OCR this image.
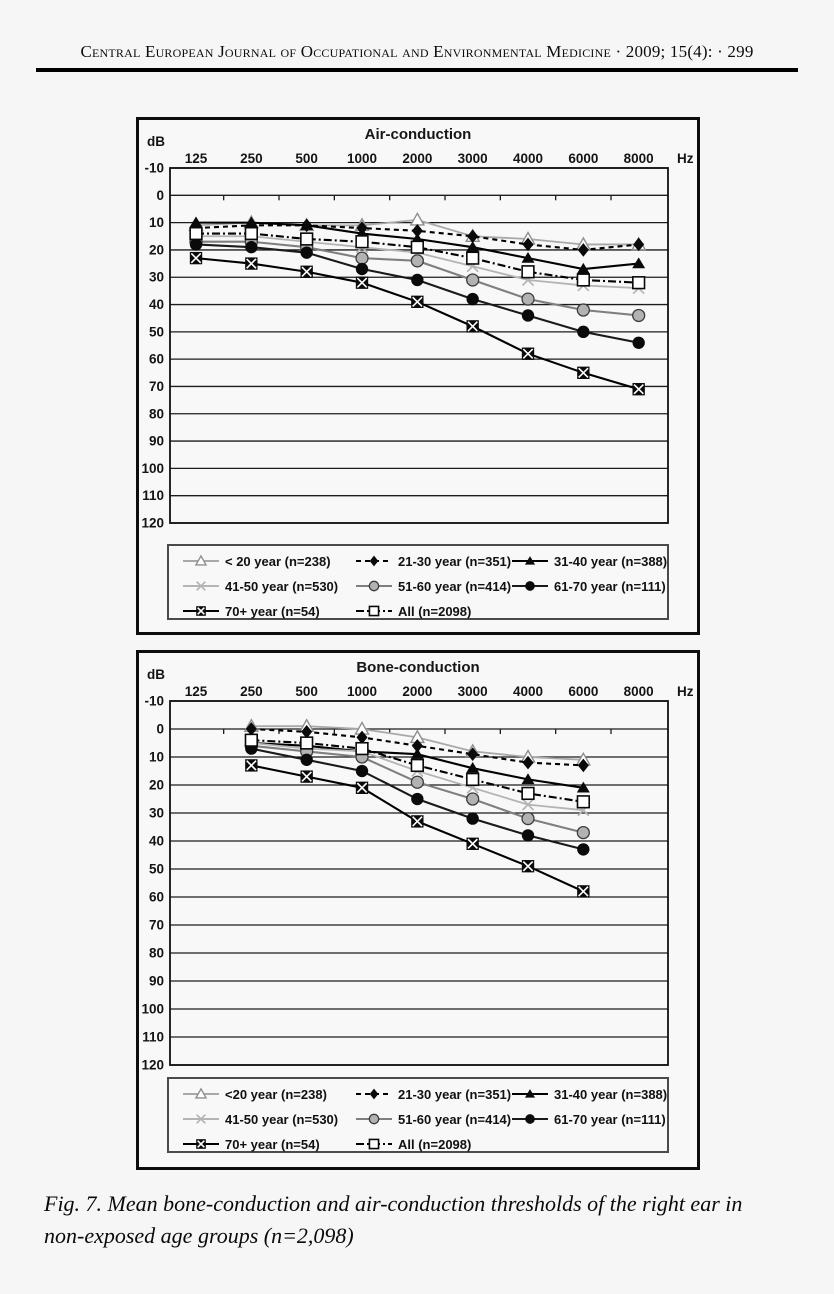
Central European Journal of Occupational and Environmental Medicine · 2009; 15(4): · 299
Air-conduction
-10
0
10
20
30
40
50
60
70
80
90
100
110
120
125 250 500 1000 2000 3000 4000 6000 8000 Hz
dB
< 20 year (n=238)	21-30 year (n=351)	31-40 year (n=388)
41-50 year (n=530)	51-60 year (n=414)	61-70 year (n=111)
70+ year (n=54)	All (n=2098)
Bone-conduction
-10
0
10
20
30
40
50
60
70
80
90
100
110
120
125 250 500 1000 2000 3000 4000 6000 8000 Hz
dB
<20 year (n=238)	21-30 year (n=351)	31-40 year (n=388)
41-50 year (n=530)	51-60 year (n=414)	61-70 year (n=111)
70+ year (n=54)	All (n=2098)
Fig. 7. Mean bone-conduction and air-conduction thresholds of the right ear in
non-exposed age groups (n=2,098)
